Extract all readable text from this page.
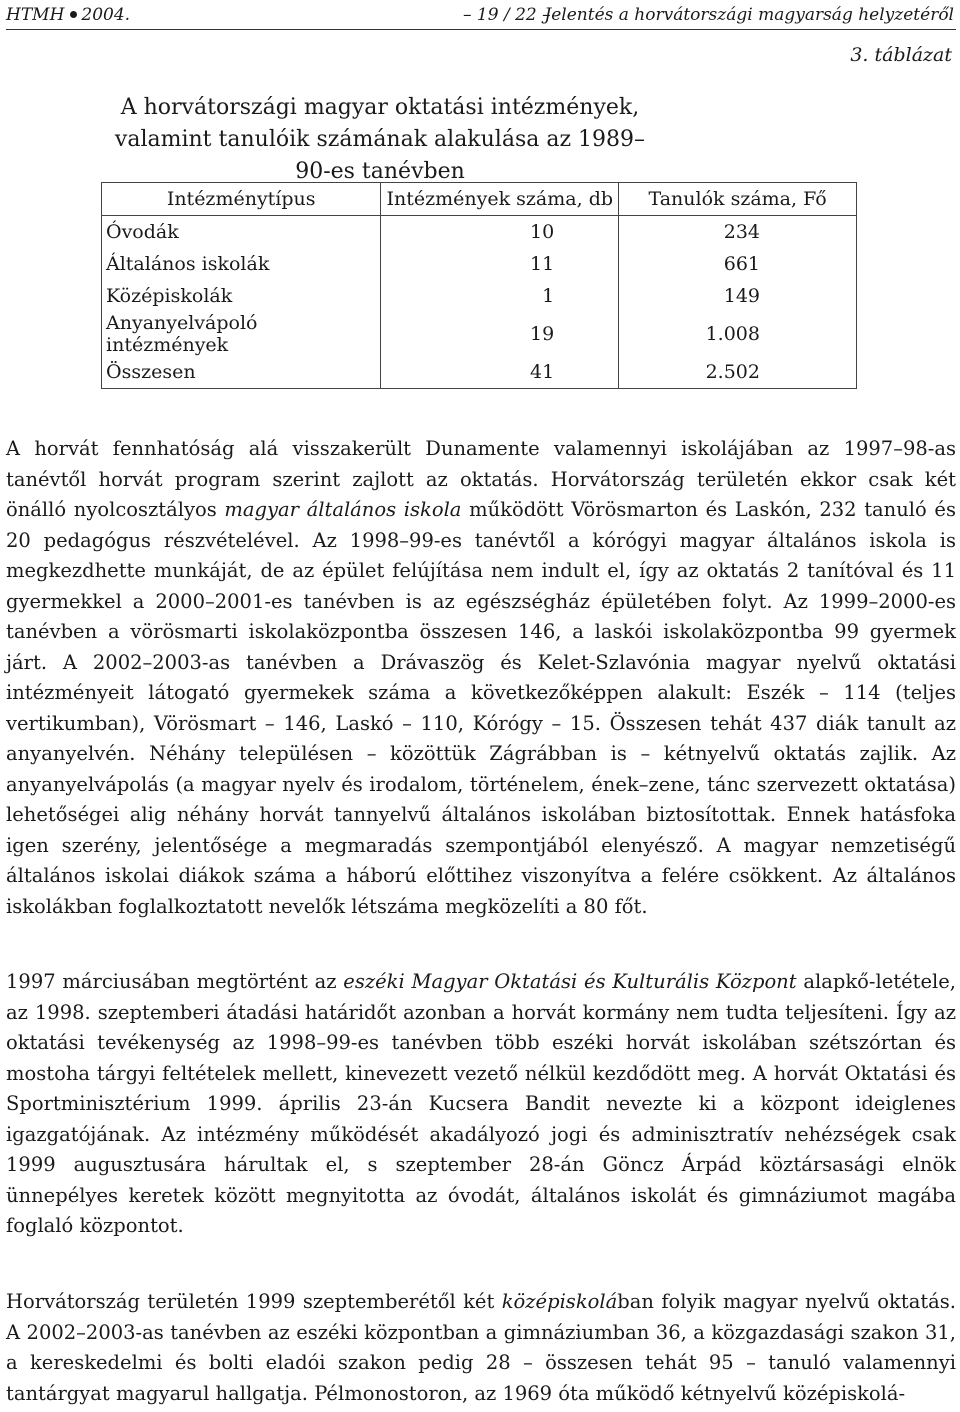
HTMH 2004.	– 19 / 22 –
Jelentés a horvátországi magyarság helyzetéről
3. táblázat
A horvátországi magyar oktatási intézmények,
valamint tanulóik számának alakulása az 1989–90-es tanévben
Intézménytípus	Intézmények száma, db	Tanulók száma, Fő
Óvodák	10	234
Általános iskolák	11	661
Középiskolák	1	149
Anyanyelvápoló intézmények	19	1.008
Összesen	41	2.502

A horvát fennhatóság alá visszakerült Dunamente valamennyi iskolájában az 1997–98-as tanévtől horvát program szerint zajlott az oktatás. Horvátország területén ekkor csak két önálló nyolcosztályos magyar általános iskola működött Vörösmarton és Laskón, 232 tanuló és 20 pedagógus részvételével. Az 1998–99-es tanévtől a kórógyi magyar általános iskola is megkezdhette munkáját, de az épület felújítása nem indult el, így az oktatás 2 tanítóval és 11 gyermekkel a 2000–2001-es tanévben is az egészségház épületében folyt. Az 1999–2000-es tanévben a vörösmarti iskolaközpontba összesen 146, a laskói iskolaközpontba 99 gyermek járt. A 2002–2003-as tanévben a Drávaszög és Kelet-Szlavónia magyar nyelvű oktatási intézményeit látogató gyermekek száma a következőképpen alakult: Eszék – 114 (teljes vertikumban), Vörösmart – 146, Laskó – 110, Kórógy – 15. Összesen tehát 437 diák tanult az anyanyelvén. Néhány településen – közöttük Zágrábban is – kétnyelvű oktatás zajlik. Az anyanyelvápolás (a magyar nyelv és irodalom, történelem, ének–zene, tánc szervezett oktatása) lehetőségei alig néhány horvát tannyelvű általános iskolában biztosítottak. Ennek hatásfoka igen szerény, jelentősége a megmaradás szempontjából elenyésző. A magyar nemzetiségű általános iskolai diákok száma a háború előttihez viszonyítva a felére csökkent. Az általános iskolákban foglalkoztatott nevelők létszáma megközelíti a 80 főt.

1997 márciusában megtörtént az eszéki Magyar Oktatási és Kulturális Központ alapkő-letétele, az 1998. szeptemberi átadási határidőt azonban a horvát kormány nem tudta teljesíteni. Így az oktatási tevékenység az 1998–99-es tanévben több eszéki horvát iskolában szétszórtan és mostoha tárgyi feltételek mellett, kinevezett vezető nélkül kezdődött meg. A horvát Oktatási és Sportminisztérium 1999. április 23-án Kucsera Bandit nevezte ki a központ ideiglenes igazgatójának. Az intézmény működését akadályozó jogi és adminisztratív nehézségek csak 1999 augusztusára hárultak el, s szeptember 28-án Göncz Árpád köztársasági elnök ünnepélyes keretek között megnyitotta az óvodát, általános iskolát és gimnáziumot magába foglaló központot.

Horvátország területén 1999 szeptemberétől két középiskolában folyik magyar nyelvű oktatás. A 2002–2003-as tanévben az eszéki központban a gimnáziumban 36, a közgazdasági szakon 31, a kereskedelmi és bolti eladói szakon pedig 28 – összesen tehát 95 – tanuló valamennyi tantárgyat magyarul hallgatja. Pélmonostoron, az 1969 óta működő kétnyelvű középiskolá-
